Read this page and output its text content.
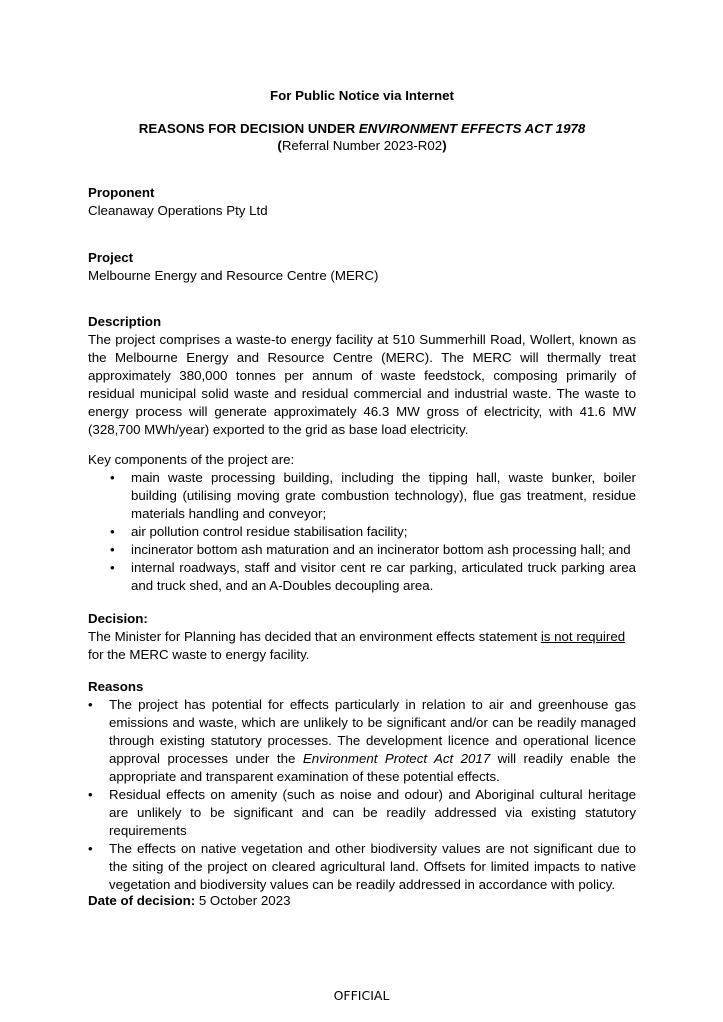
For Public Notice via Internet
REASONS FOR DECISION UNDER ENVIRONMENT EFFECTS ACT 1978
(Referral Number 2023-R02)

Proponent

Cleanaway Operations Pty Ltd

Project

Melbourne Energy and Resource Centre (MERC)

Description

The project comprises a waste-to energy facility at 510 Summerhill Road, Wollert, known as the Melbourne Energy and Resource Centre (MERC). The MERC will thermally treat approximately 380,000 tonnes per annum of waste feedstock, composing primarily of residual municipal solid waste and residual commercial and industrial waste. The waste to energy process will generate approximately 46.3 MW gross of electricity, with 41.6 MW (328,700 MWh/year) exported to the grid as base load electricity.

Key components of the project are:

• main waste processing building, including the tipping hall, waste bunker, boiler building (utilising moving grate combustion technology), flue gas treatment, residue materials handling and conveyor;
• air pollution control residue stabilisation facility;
• incinerator bottom ash maturation and an incinerator bottom ash processing hall; and
• internal roadways, staff and visitor cent re car parking, articulated truck parking area and truck shed, and an A-Doubles decoupling area.

Decision:

The Minister for Planning has decided that an environment effects statement is not required for the MERC waste to energy facility.

Reasons

• The project has potential for effects particularly in relation to air and greenhouse gas emissions and waste, which are unlikely to be significant and/or can be readily managed through existing statutory processes. The development licence and operational licence approval processes under the Environment Protect Act 2017 will readily enable the appropriate and transparent examination of these potential effects.
• Residual effects on amenity (such as noise and odour) and Aboriginal cultural heritage are unlikely to be significant and can be readily addressed via existing statutory requirements
• The effects on native vegetation and other biodiversity values are not significant due to the siting of the project on cleared agricultural land. Offsets for limited impacts to native vegetation and biodiversity values can be readily addressed in accordance with policy.

Date of decision: 5 October 2023

OFFICIAL
